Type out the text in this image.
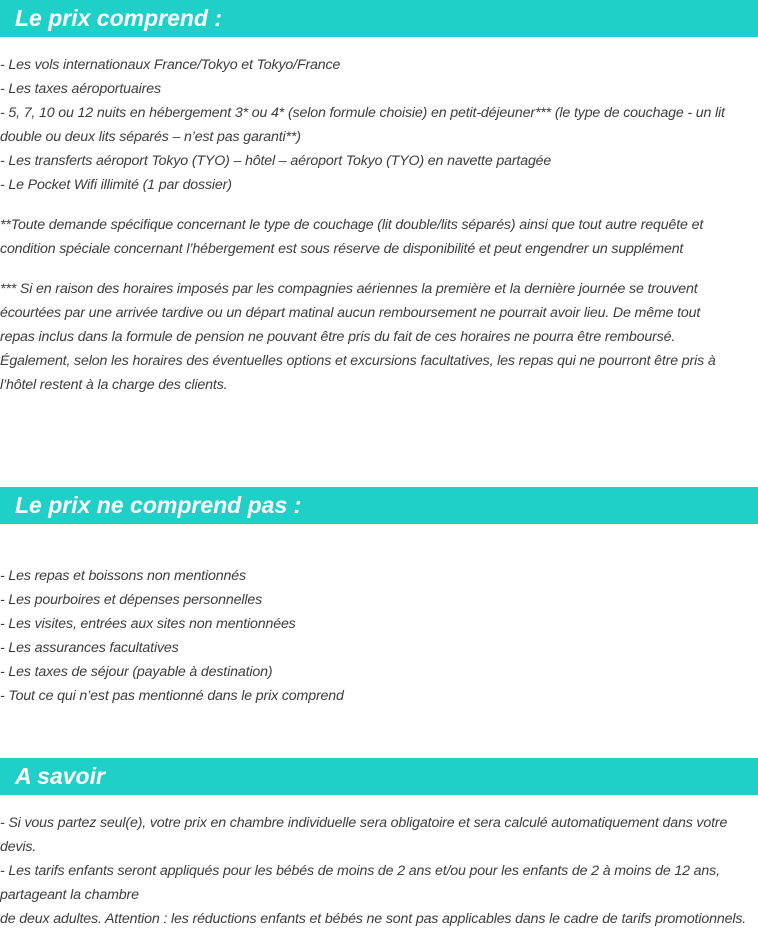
Le prix comprend :
- Les vols internationaux France/Tokyo et Tokyo/France
- Les taxes aéroportuaires
- 5, 7, 10 ou 12 nuits en hébergement 3* ou 4* (selon formule choisie) en petit-déjeuner*** (le type de couchage - un lit
double ou deux lits séparés – n’est pas garanti**)
- Les transferts aéroport Tokyo (TYO) – hôtel – aéroport Tokyo (TYO) en navette partagée
- Le Pocket Wifi illimité (1 par dossier)
**Toute demande spécifique concernant le type de couchage (lit double/lits séparés) ainsi que tout autre requête et
condition spéciale concernant l’hébergement est sous réserve de disponibilité et peut engendrer un supplément
*** Si en raison des horaires imposés par les compagnies aériennes la première et la dernière journée se trouvent
écourtées par une arrivée tardive ou un départ matinal aucun remboursement ne pourrait avoir lieu. De même tout
repas inclus dans la formule de pension ne pouvant être pris du fait de ces horaires ne pourra être remboursé.
Également, selon les horaires des éventuelles options et excursions facultatives, les repas qui ne pourront être pris à
l’hôtel restent à la charge des clients.
Le prix ne comprend pas :
- Les repas et boissons non mentionnés
- Les pourboires et dépenses personnelles
- Les visites, entrées aux sites non mentionnées
- Les assurances facultatives
- Les taxes de séjour (payable à destination)
- Tout ce qui n’est pas mentionné dans le prix comprend
A savoir
- Si vous partez seul(e), votre prix en chambre individuelle sera obligatoire et sera calculé automatiquement dans votre
devis.
- Les tarifs enfants seront appliqués pour les bébés de moins de 2 ans et/ou pour les enfants de 2 à moins de 12 ans,
partageant la chambre
de deux adultes. Attention : les réductions enfants et bébés ne sont pas applicables dans le cadre de tarifs promotionnels.
